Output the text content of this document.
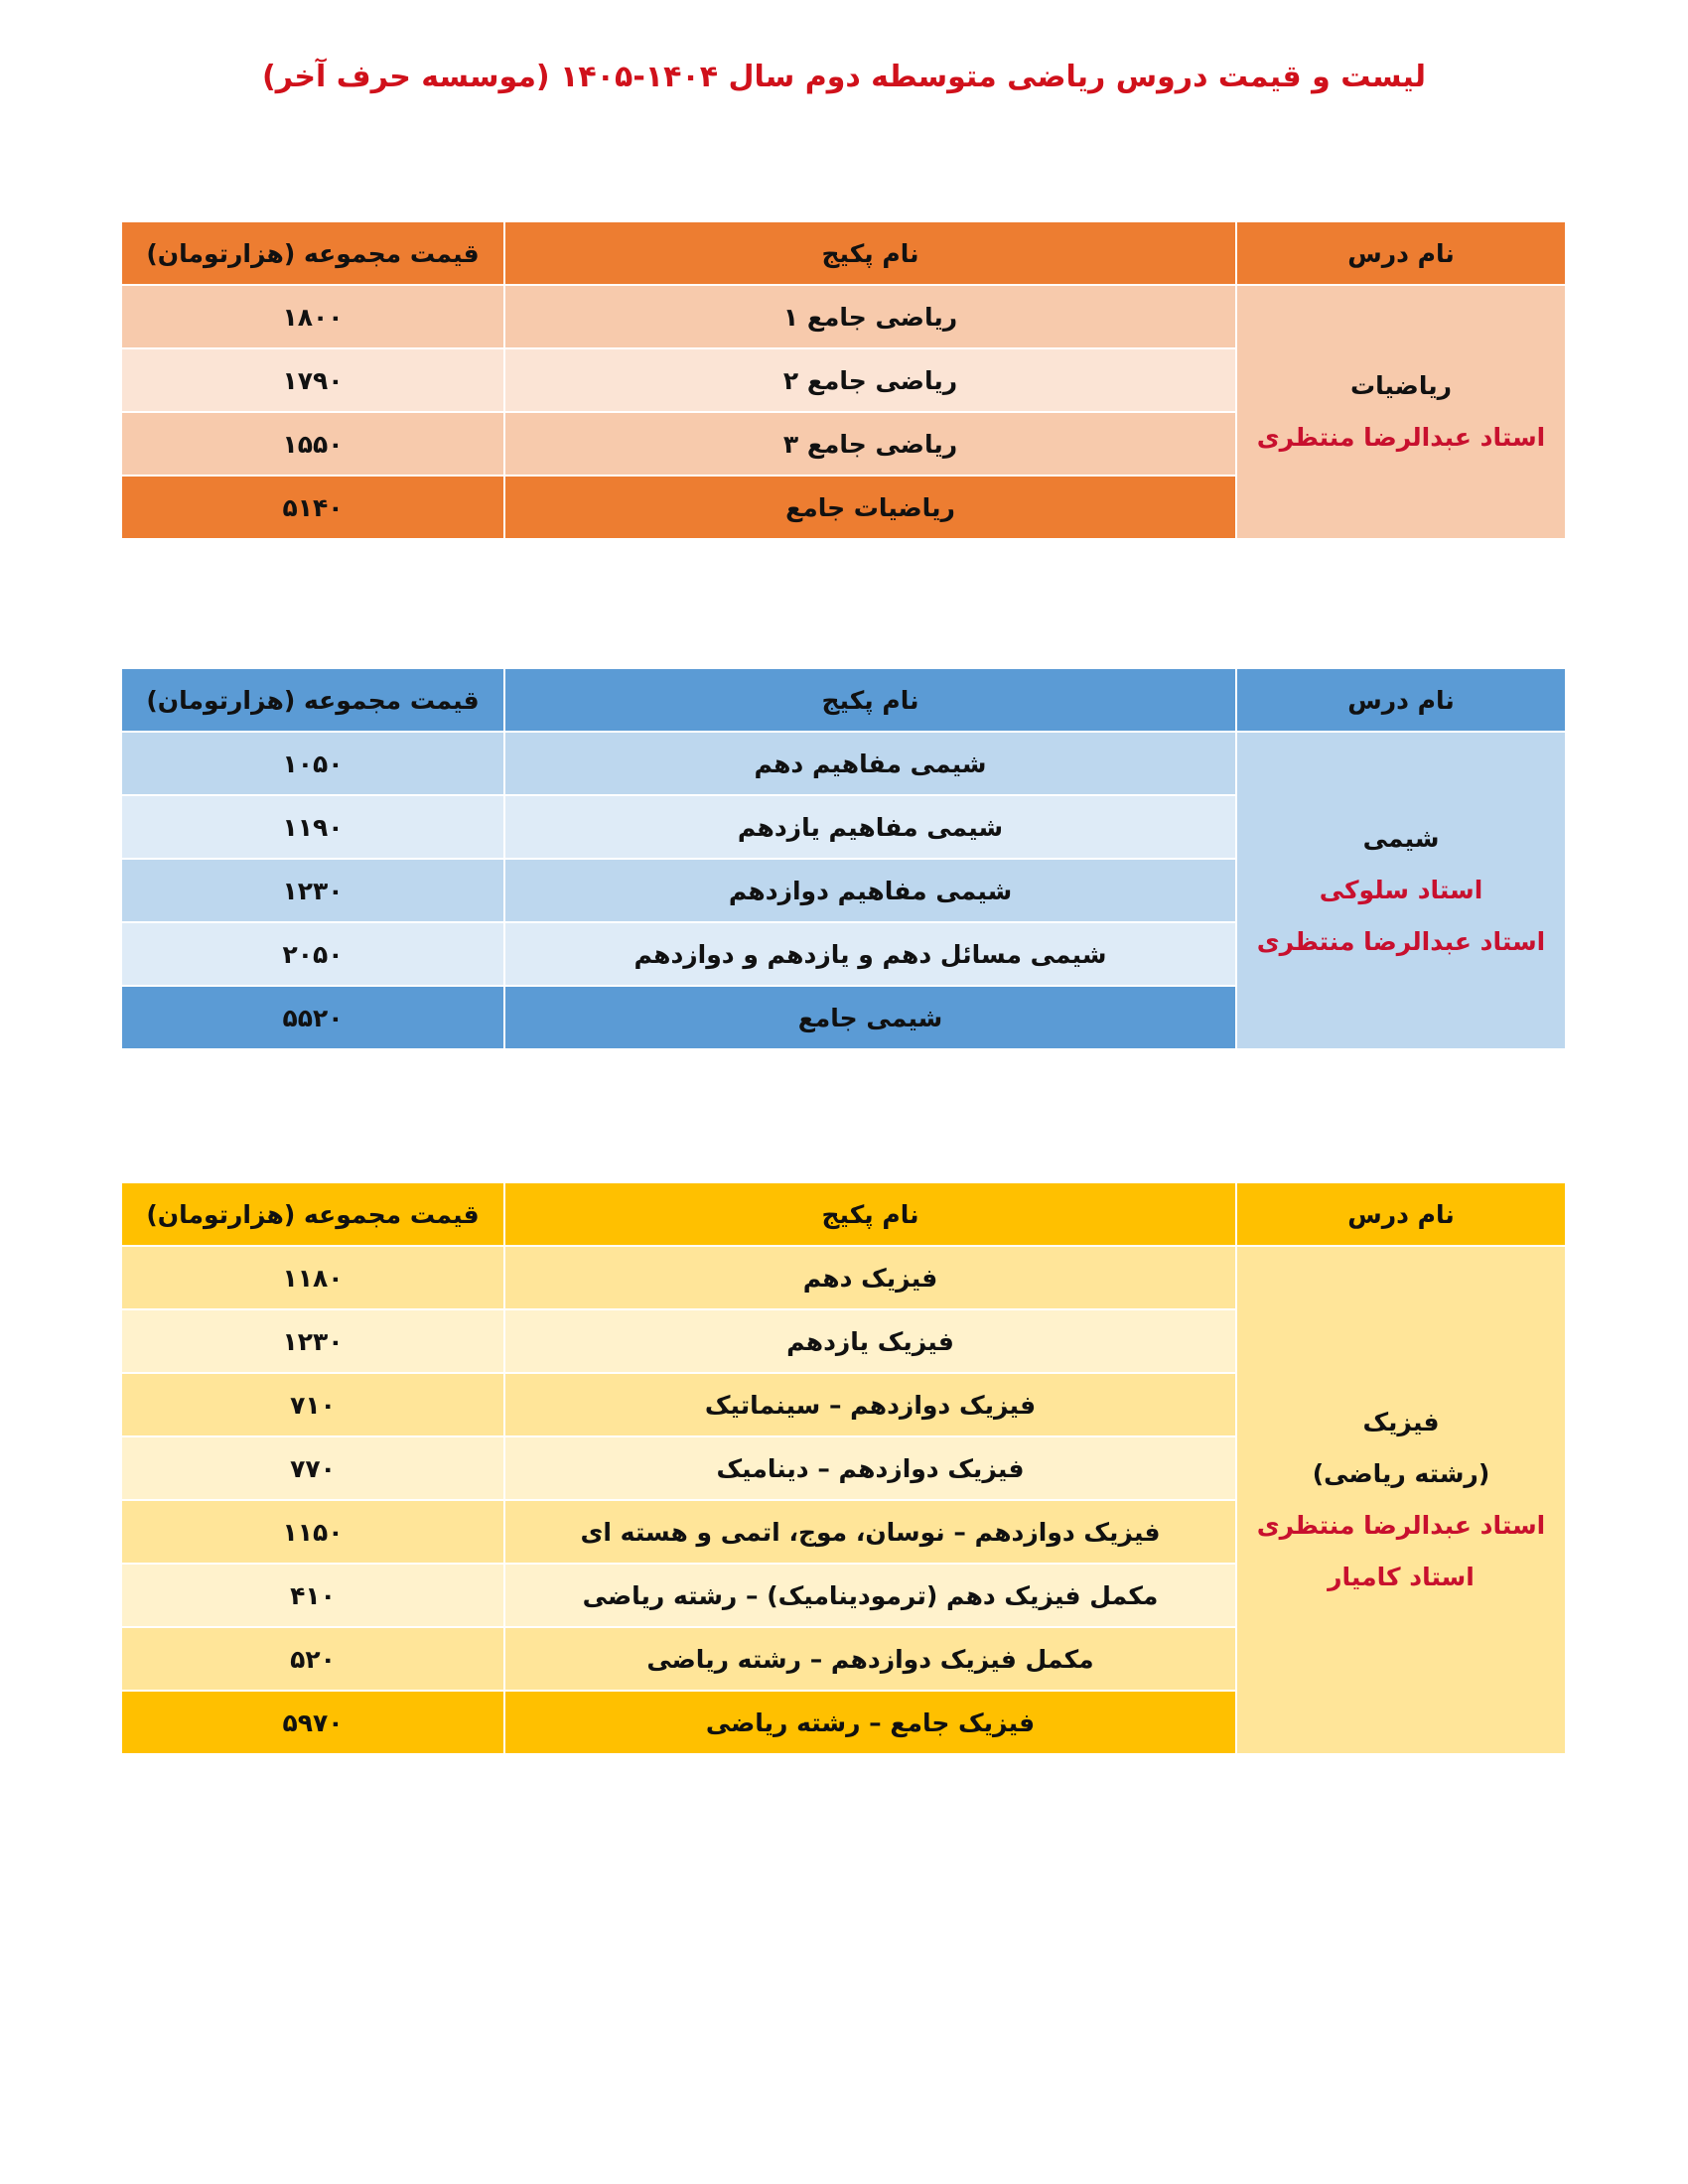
لیست و قیمت دروس ریاضی متوسطه دوم سال ۱۴۰۴-۱۴۰۵ (موسسه حرف آخر)
نام درس	نام پکیج	قیمت مجموعه (هزارتومان)

ریاضیات
استاد عبدالرضا منتظری	ریاضی جامع ۱	۱۸۰۰
	ریاضی جامع ۲	۱۷۹۰
	ریاضی جامع ۳	۱۵۵۰
	ریاضیات جامع	۵۱۴۰
نام درس	نام پکیج	قیمت مجموعه (هزارتومان)

شیمی
استاد سلوکی
استاد عبدالرضا منتظری	شیمی مفاهیم دهم	۱۰۵۰
	شیمی مفاهیم یازدهم	۱۱۹۰
	شیمی مفاهیم دوازدهم	۱۲۳۰
	شیمی مسائل دهم و یازدهم و دوازدهم	۲۰۵۰
	شیمی جامع	۵۵۲۰
نام درس	نام پکیج	قیمت مجموعه (هزارتومان)

فیزیک
(رشته ریاضی)
استاد عبدالرضا منتظری
استاد کامیار	فیزیک دهم	۱۱۸۰
	فیزیک یازدهم	۱۲۳۰
	فیزیک دوازدهم – سینماتیک	۷۱۰
	فیزیک دوازدهم – دینامیک	۷۷۰
	فیزیک دوازدهم – نوسان، موج، اتمی و هسته ای	۱۱۵۰
	مکمل فیزیک دهم (ترمودینامیک) – رشته ریاضی	۴۱۰
	مکمل فیزیک دوازدهم – رشته ریاضی	۵۲۰
	فیزیک جامع – رشته ریاضی	۵۹۷۰
